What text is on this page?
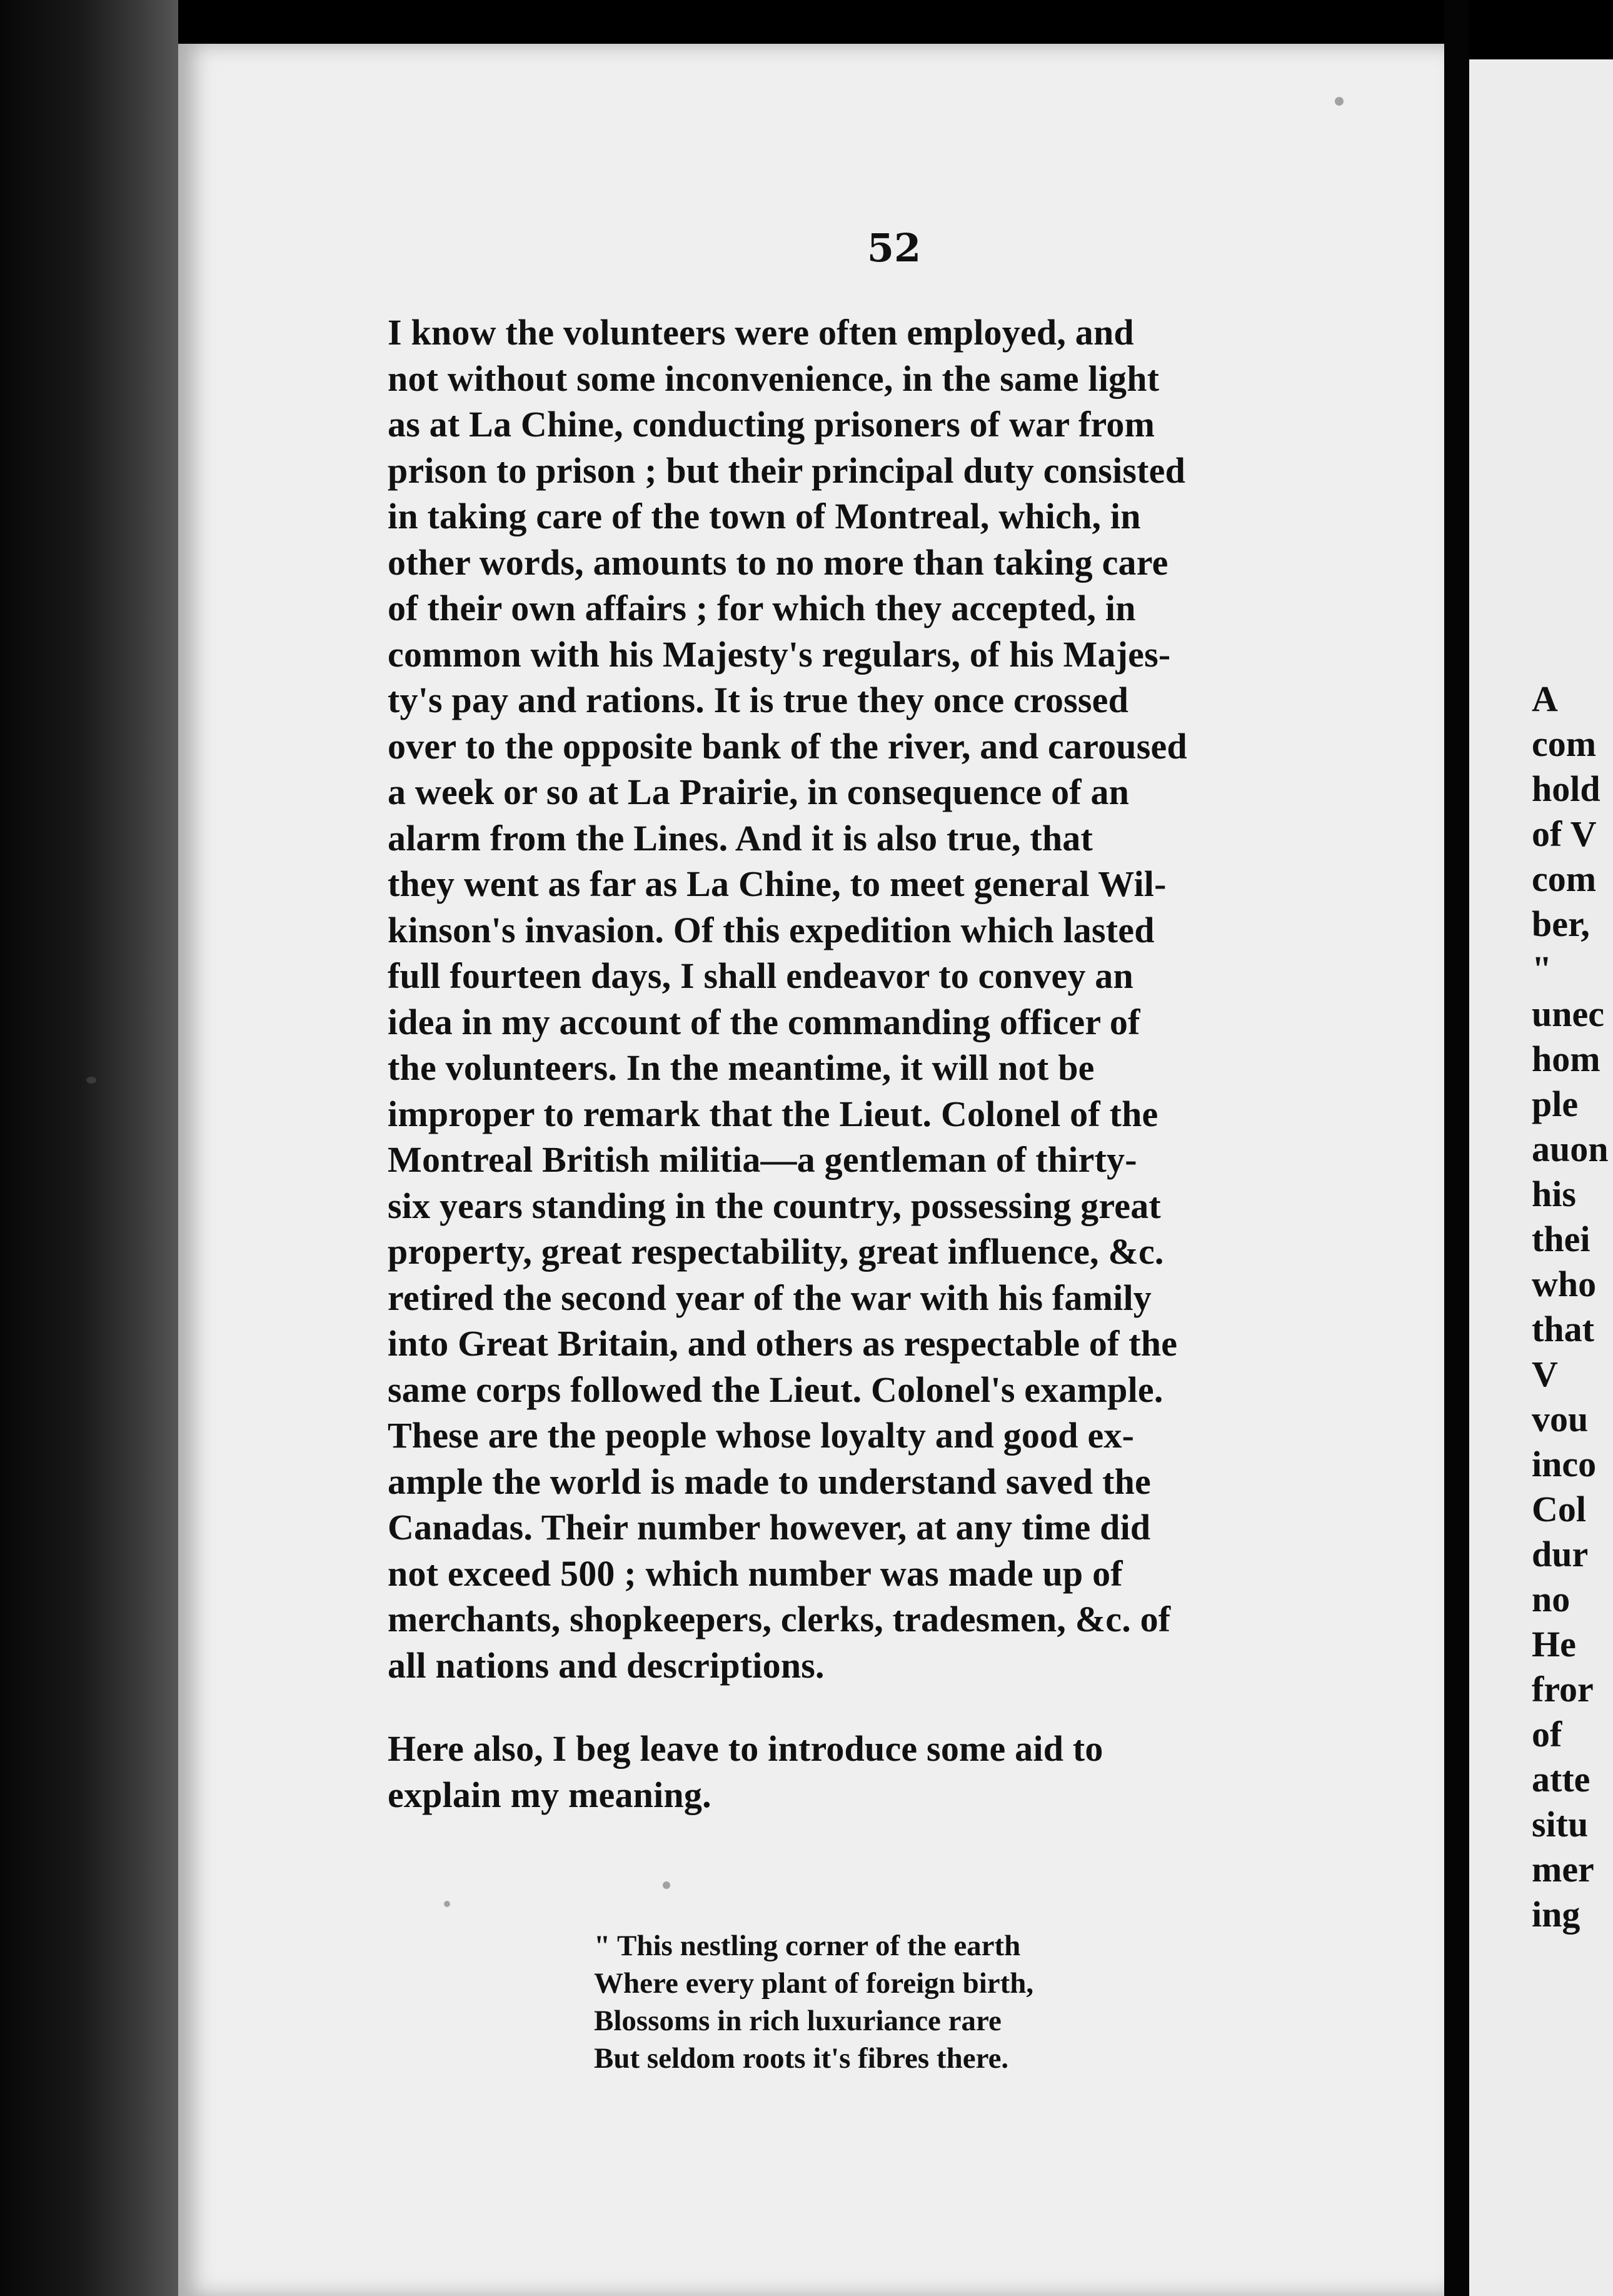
52
I know the volunteers were often employed, and
not without some inconvenience, in the same light
as at La Chine, conducting prisoners of war from
prison to prison ; but their principal duty consisted
in taking care of the town of Montreal, which, in
other words, amounts to no more than taking care
of their own affairs ; for which they accepted, in
common with his Majesty's regulars, of his Majes-
ty's pay and rations. It is true they once crossed
over to the opposite bank of the river, and caroused
a week or so at La Prairie, in consequence of an
alarm from the Lines. And it is also true, that
they went as far as La Chine, to meet general Wil-
kinson's invasion. Of this expedition which lasted
full fourteen days, I shall endeavor to convey an
idea in my account of the commanding officer of
the volunteers. In the meantime, it will not be
improper to remark that the Lieut. Colonel of the
Montreal British militia—a gentleman of thirty-
six years standing in the country, possessing great
property, great respectability, great influence, &c.
retired the second year of the war with his family
into Great Britain, and others as respectable of the
same corps followed the Lieut. Colonel's example.
These are the people whose loyalty and good ex-
ample the world is made to understand saved the
Canadas. Their number however, at any time did
not exceed 500 ; which number was made up of
merchants, shopkeepers, clerks, tradesmen, &c. of
all nations and descriptions.
Here also, I beg leave to introduce some aid to
explain my meaning.
" This nestling corner of the earth
Where every plant of foreign birth,
Blossoms in rich luxuriance rare
But seldom roots it's fibres there.
A
com
hold
of V
com
ber,
"
unec
hom
ple
auon
his
thei
who
that
V
vou
inco
Col
dur
no
He
fror
of
atte
situ
mer
ing
